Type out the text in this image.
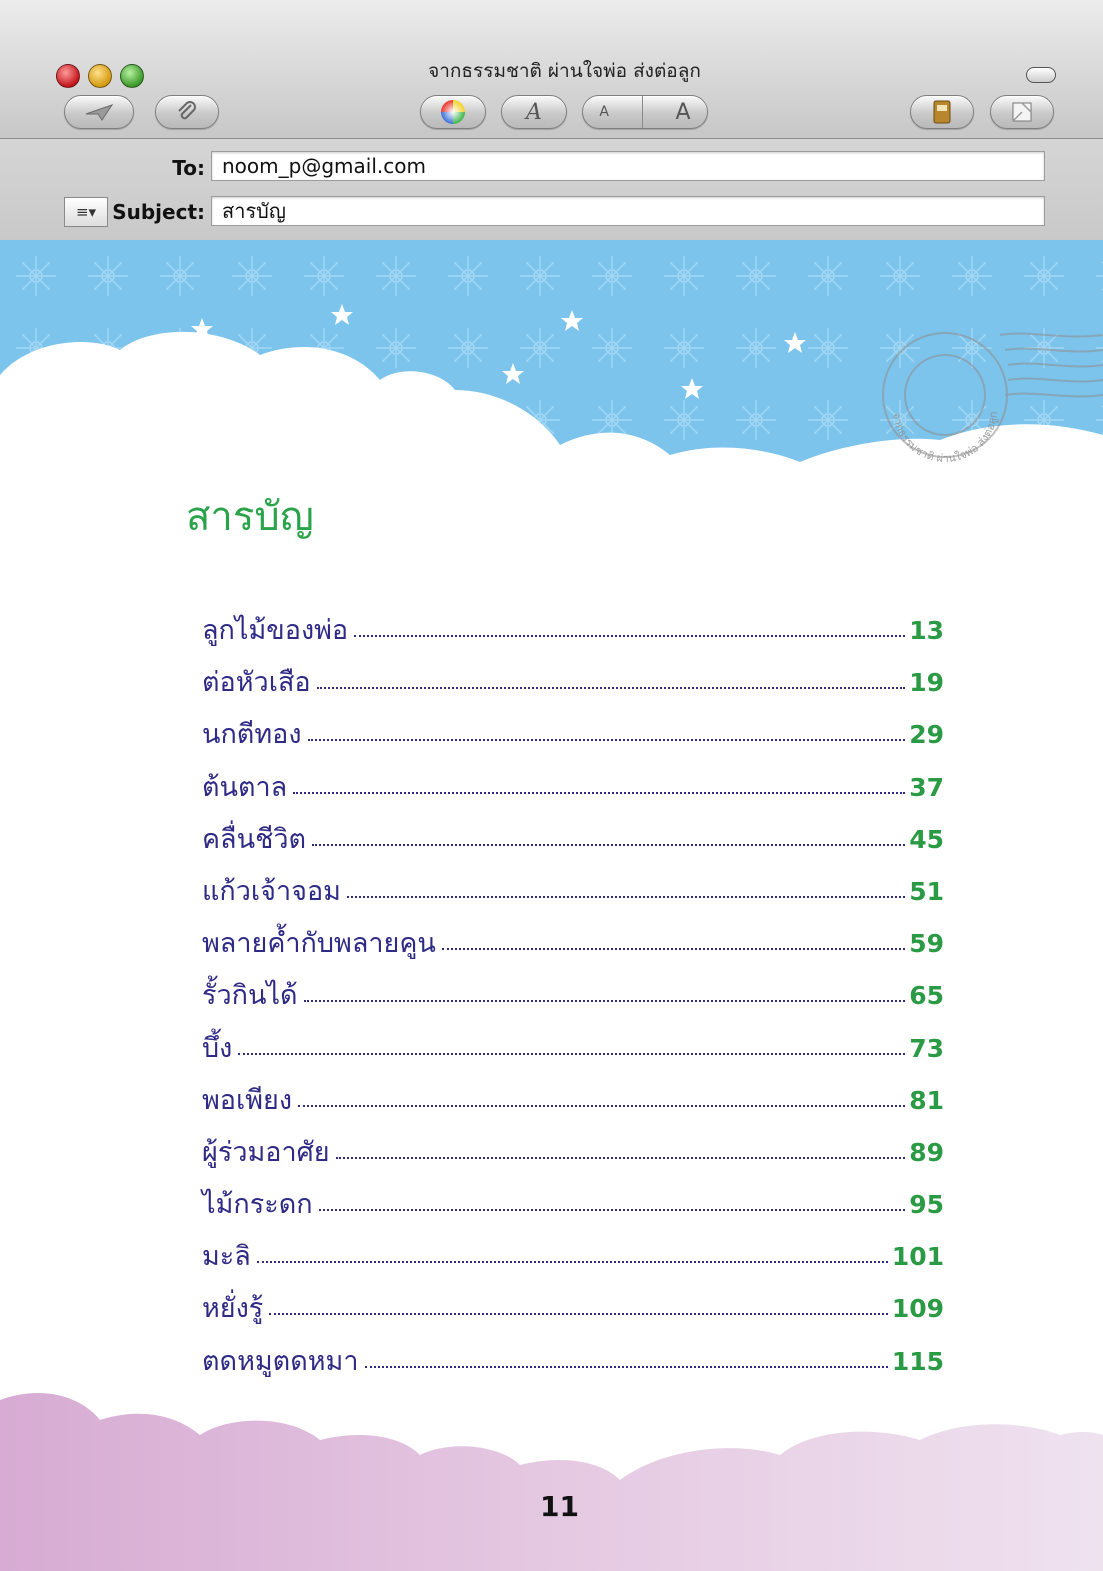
จากธรรมชาติ ผ่านใจพ่อ ส่งต่อลูก
A	A	A
To: noom_p@gmail.com
≡▾ Subject: สารบัญ
จากธรรมชาติ ผ่านใจพ่อ ส่งต่อลูก
สารบัญ
ลูกไม้ของพ่อ	13
ต่อหัวเสือ	19
นกตีทอง	29
ต้นตาล	37
คลื่นชีวิต	45
แก้วเจ้าจอม	51
พลายค้ำกับพลายคูน	59
รั้วกินได้	65
บึ้ง	73
พอเพียง	81
ผู้ร่วมอาศัย	89
ไม้กระดก	95
มะลิ	101
หยั่งรู้	109
ตดหมูตดหมา	115
11
